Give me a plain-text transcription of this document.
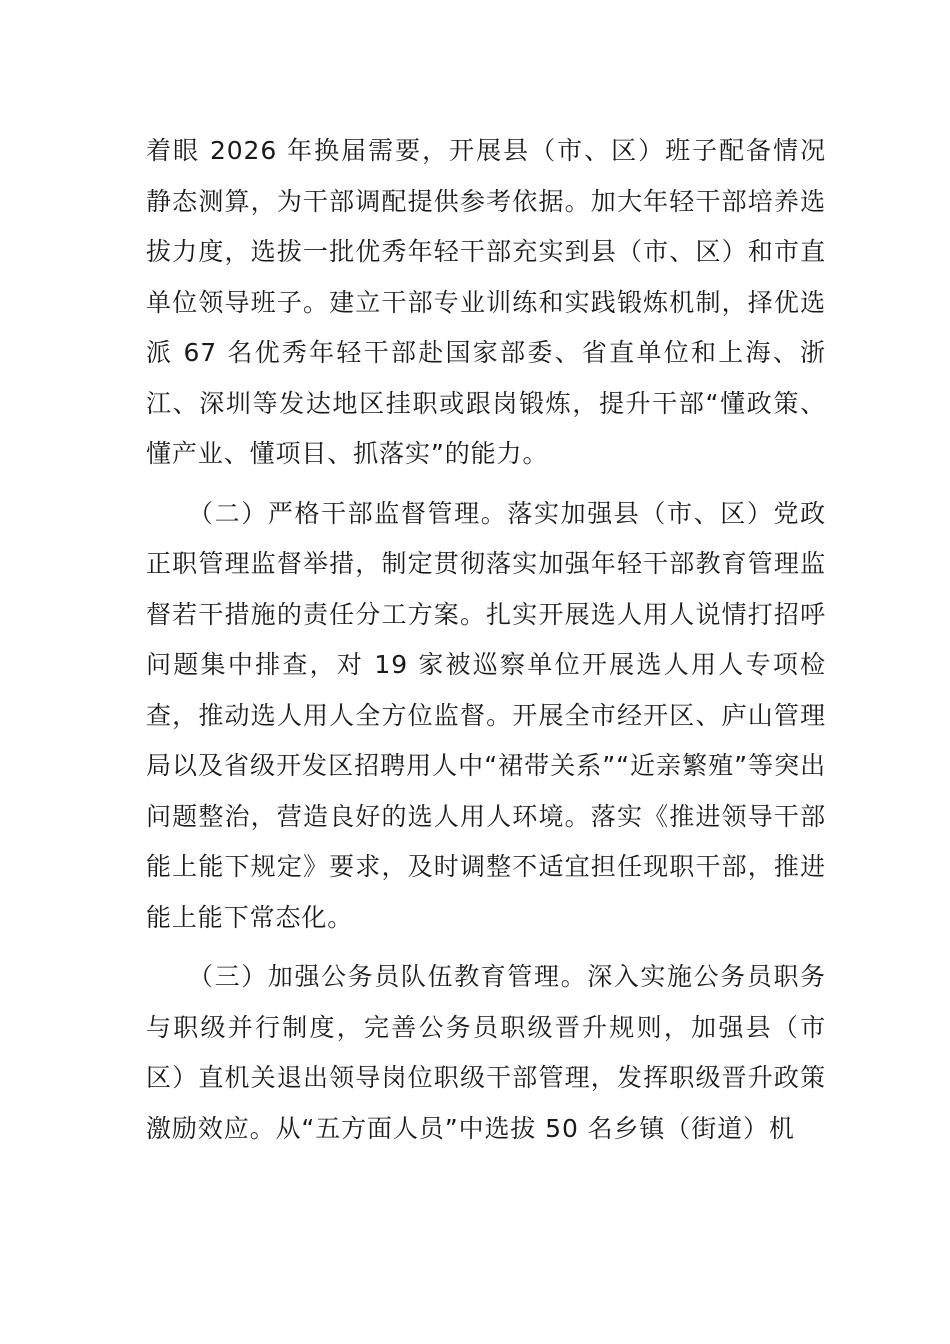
着眼 2026 年换届需要，开展县（市、区）班子配备情况静态测算，为干部调配提供参考依据。加大年轻干部培养选拔力度，选拔一批优秀年轻干部充实到县（市、区）和市直单位领导班子。建立干部专业训练和实践锻炼机制，择优选派 67 名优秀年轻干部赴国家部委、省直单位和上海、浙江、深圳等发达地区挂职或跟岗锻炼，提升干部“懂政策、懂产业、懂项目、抓落实”的能力。

（二）严格干部监督管理。落实加强县（市、区）党政正职管理监督举措，制定贯彻落实加强年轻干部教育管理监督若干措施的责任分工方案。扎实开展选人用人说情打招呼问题集中排查，对 19 家被巡察单位开展选人用人专项检查，推动选人用人全方位监督。开展全市经开区、庐山管理局以及省级开发区招聘用人中“裙带关系”“近亲繁殖”等突出问题整治，营造良好的选人用人环境。落实《推进领导干部能上能下规定》要求，及时调整不适宜担任现职干部，推进能上能下常态化。

（三）加强公务员队伍教育管理。深入实施公务员职务与职级并行制度，完善公务员职级晋升规则，加强县（市区）直机关退出领导岗位职级干部管理，发挥职级晋升政策激励效应。从“五方面人员”中选拔 50 名乡镇（街道）机
